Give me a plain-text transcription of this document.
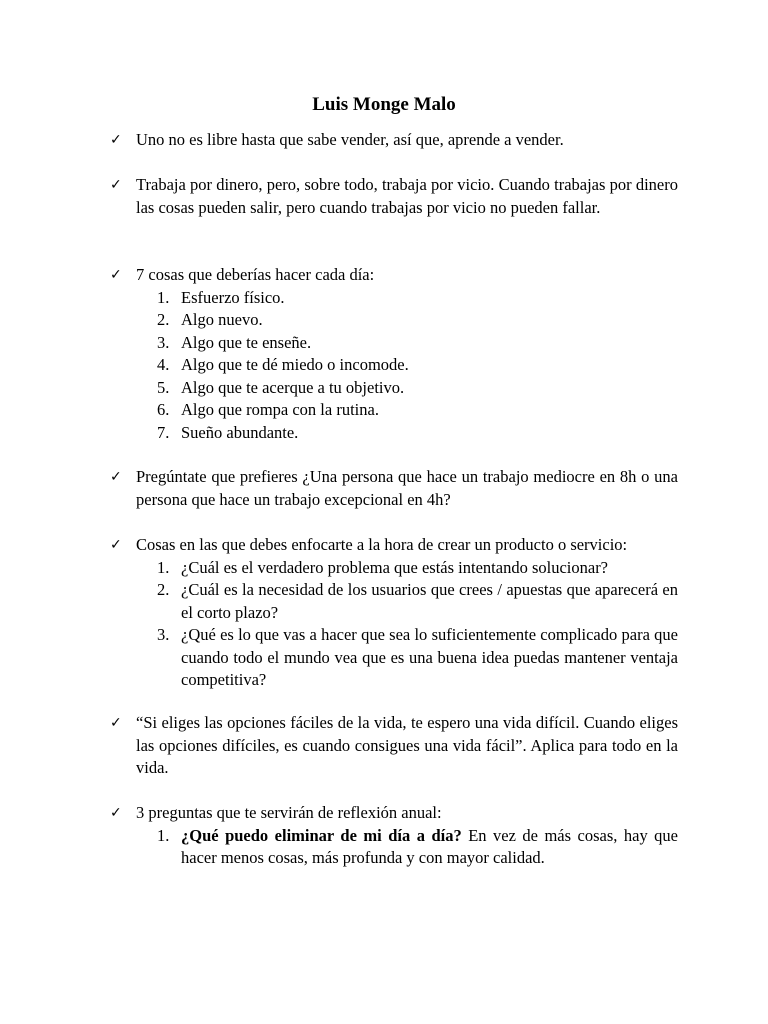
Luis Monge Malo
✓ Uno no es libre hasta que sabe vender, así que, aprende a vender.
✓ Trabaja por dinero, pero, sobre todo, trabaja por vicio. Cuando trabajas por dinero las cosas pueden salir, pero cuando trabajas por vicio no pueden fallar.
✓ 7 cosas que deberías hacer cada día:
1. Esfuerzo físico.
2. Algo nuevo.
3. Algo que te enseñe.
4. Algo que te dé miedo o incomode.
5. Algo que te acerque a tu objetivo.
6. Algo que rompa con la rutina.
7. Sueño abundante.
✓ Pregúntate que prefieres ¿Una persona que hace un trabajo mediocre en 8h o una persona que hace un trabajo excepcional en 4h?
✓ Cosas en las que debes enfocarte a la hora de crear un producto o servicio:
1. ¿Cuál es el verdadero problema que estás intentando solucionar?
2. ¿Cuál es la necesidad de los usuarios que crees / apuestas que aparecerá en el corto plazo?
3. ¿Qué es lo que vas a hacer que sea lo suficientemente complicado para que cuando todo el mundo vea que es una buena idea puedas mantener ventaja competitiva?
✓ “Si eliges las opciones fáciles de la vida, te espero una vida difícil. Cuando eliges las opciones difíciles, es cuando consigues una vida fácil”. Aplica para todo en la vida.
✓ 3 preguntas que te servirán de reflexión anual:
1. ¿Qué puedo eliminar de mi día a día? En vez de más cosas, hay que hacer menos cosas, más profunda y con mayor calidad.
